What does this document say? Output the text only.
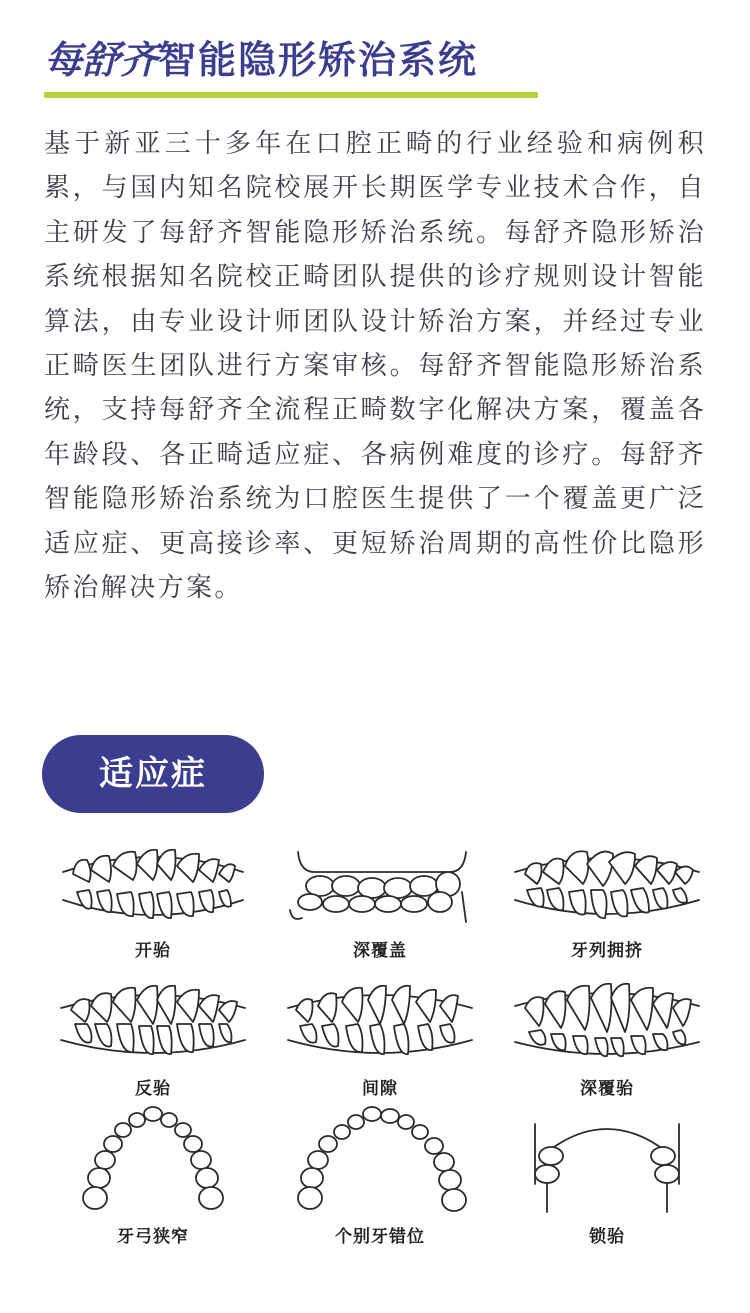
每舒齐智能隐形矫治系统

基于新亚三十多年在口腔正畸的行业经验和病例积累，与国内知名院校展开长期医学专业技术合作，自主研发了每舒齐智能隐形矫治系统。每舒齐隐形矫治系统根据知名院校正畸团队提供的诊疗规则设计智能算法，由专业设计师团队设计矫治方案，并经过专业正畸医生团队进行方案审核。每舒齐智能隐形矫治系统，支持每舒齐全流程正畸数字化解决方案，覆盖各年龄段、各正畸适应症、各病例难度的诊疗。每舒齐智能隐形矫治系统为口腔医生提供了一个覆盖更广泛适应症、更高接诊率、更短矫治周期的高性价比隐形矫治解决方案。

适应症
开骀	深覆盖	牙列拥挤
反骀	间隙	深覆骀
牙弓狭窄	个别牙错位	锁骀
